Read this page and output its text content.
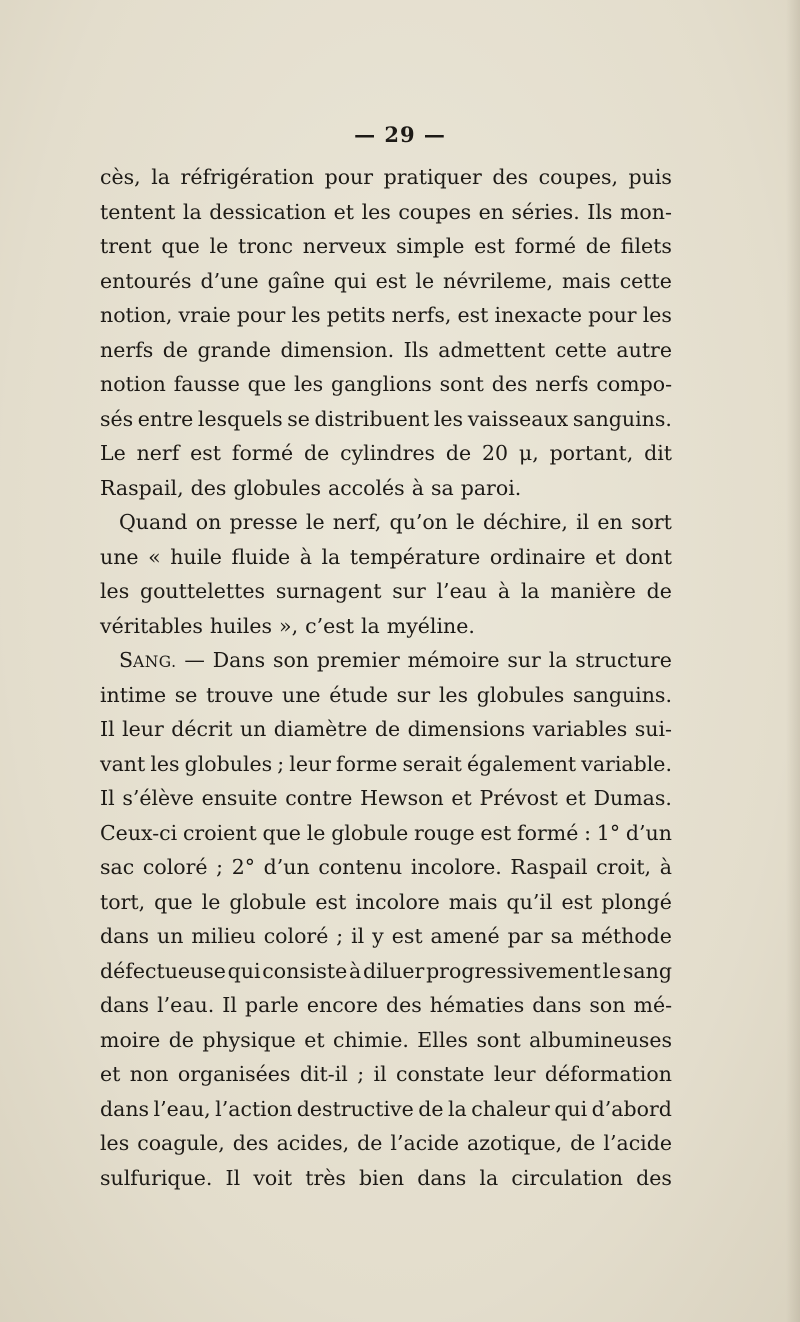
— 29 —
cès, la réfrigération pour pratiquer des coupes, puis
tentent la dessication et les coupes en séries. Ils mon-
trent que le tronc nerveux simple est formé de filets
entourés d’une gaîne qui est le névrileme, mais cette
notion, vraie pour les petits nerfs, est inexacte pour les
nerfs de grande dimension. Ils admettent cette autre
notion fausse que les ganglions sont des nerfs compo-
sés entre lesquels se distribuent les vaisseaux sanguins.
Le nerf est formé de cylindres de 20 μ, portant, dit
Raspail, des globules accolés à sa paroi.
Quand on presse le nerf, qu’on le déchire, il en sort
une « huile fluide à la température ordinaire et dont
les gouttelettes surnagent sur l’eau à la manière de
véritables huiles », c’est la myéline.
SANG. — Dans son premier mémoire sur la structure
intime se trouve une étude sur les globules sanguins.
Il leur décrit un diamètre de dimensions variables sui-
vant les globules ; leur forme serait également variable.
Il s’élève ensuite contre Hewson et Prévost et Dumas.
Ceux-ci croient que le globule rouge est formé : 1° d’un
sac coloré ; 2° d’un contenu incolore. Raspail croit, à
tort, que le globule est incolore mais qu’il est plongé
dans un milieu coloré ; il y est amené par sa méthode
défectueuse qui consiste à diluer progressivement le sang
dans l’eau. Il parle encore des hématies dans son mé-
moire de physique et chimie. Elles sont albumineuses
et non organisées dit-il ; il constate leur déformation
dans l’eau, l’action destructive de la chaleur qui d’abord
les coagule, des acides, de l’acide azotique, de l’acide
sulfurique. Il voit très bien dans la circulation des
